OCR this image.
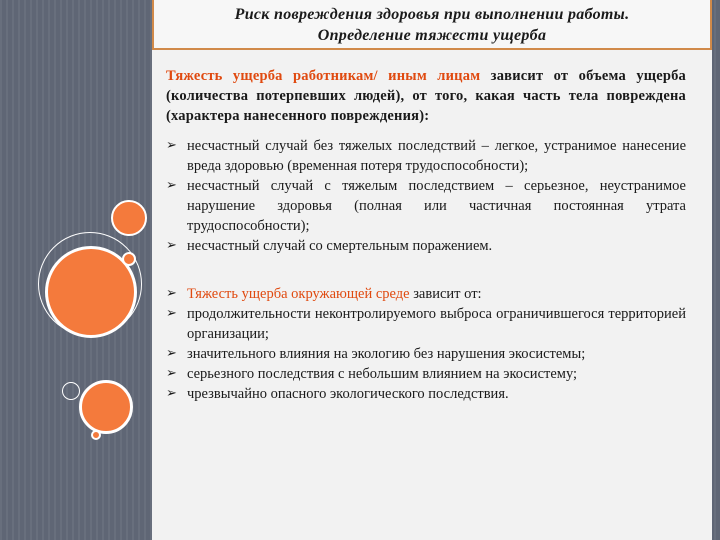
Риск повреждения здоровья при выполнении работы.
Определение тяжести ущерба

Тяжесть ущерба работникам/ иным лицам зависит от объема ущерба (количества потерпевших людей), от того, какая часть тела повреждена (характера нанесенного повреждения):

➢ несчастный случай без тяжелых последствий – легкое, устранимое нанесение вреда здоровью (временная потеря трудоспособности);
➢ несчастный случай с тяжелым последствием – серьезное, неустранимое нарушение здоровья (полная или частичная постоянная утрата трудоспособности);
➢ несчастный случай со смертельным поражением.
➢ Тяжесть ущерба окружающей среде зависит от:
➢ продолжительности неконтролируемого выброса ограничившегося территорией организации;
➢ значительного влияния на экологию без нарушения экосистемы;
➢ серьезного последствия с небольшим влиянием на экосистему;
➢ чрезвычайно опасного экологического последствия.
